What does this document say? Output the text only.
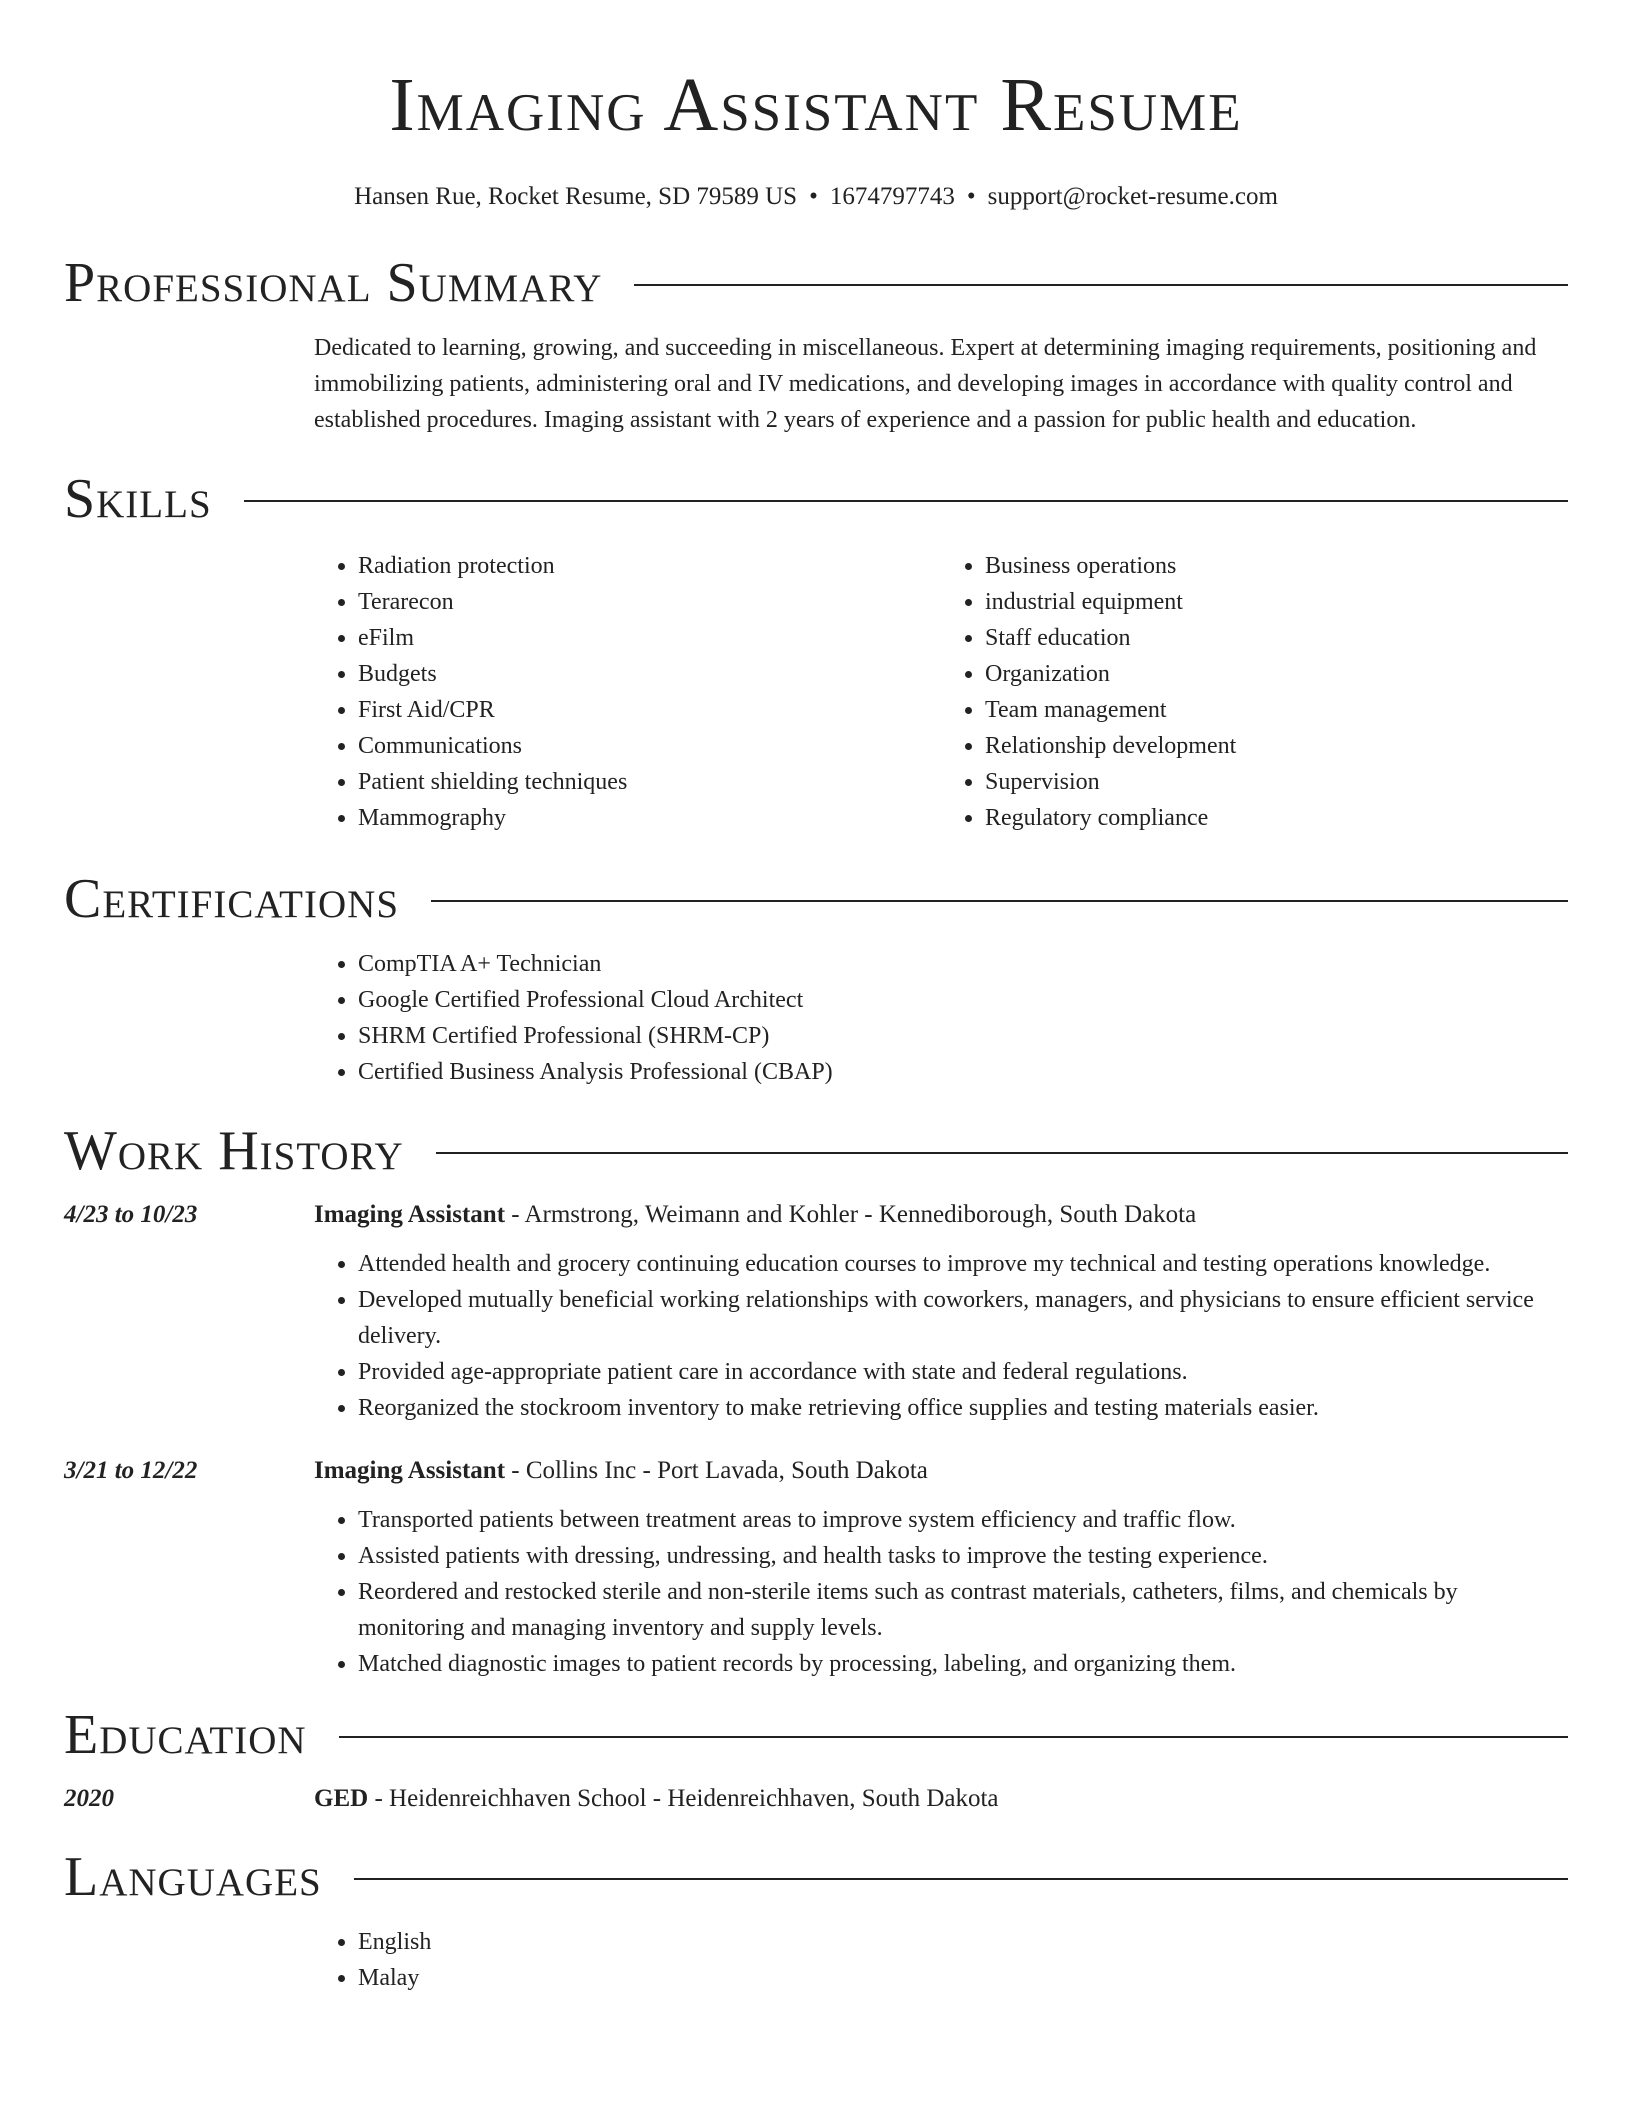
Imaging Assistant Resume
Hansen Rue, Rocket Resume, SD 79589 US • 1674797743 • support@rocket-resume.com
Professional Summary
Dedicated to learning, growing, and succeeding in miscellaneous. Expert at determining imaging requirements, positioning and immobilizing patients, administering oral and IV medications, and developing images in accordance with quality control and established procedures. Imaging assistant with 2 years of experience and a passion for public health and education.
Skills
• Radiation protection
• Terarecon
• eFilm
• Budgets
• First Aid/CPR
• Communications
• Patient shielding techniques
• Mammography
• Business operations
• industrial equipment
• Staff education
• Organization
• Team management
• Relationship development
• Supervision
• Regulatory compliance
Certifications
• CompTIA A+ Technician
• Google Certified Professional Cloud Architect
• SHRM Certified Professional (SHRM-CP)
• Certified Business Analysis Professional (CBAP)
Work History
4/23 to 10/23	Imaging Assistant - Armstrong, Weimann and Kohler - Kennediborough, South Dakota
• Attended health and grocery continuing education courses to improve my technical and testing operations knowledge.
• Developed mutually beneficial working relationships with coworkers, managers, and physicians to ensure efficient service delivery.
• Provided age-appropriate patient care in accordance with state and federal regulations.
• Reorganized the stockroom inventory to make retrieving office supplies and testing materials easier.
3/21 to 12/22	Imaging Assistant - Collins Inc - Port Lavada, South Dakota
• Transported patients between treatment areas to improve system efficiency and traffic flow.
• Assisted patients with dressing, undressing, and health tasks to improve the testing experience.
• Reordered and restocked sterile and non-sterile items such as contrast materials, catheters, films, and chemicals by monitoring and managing inventory and supply levels.
• Matched diagnostic images to patient records by processing, labeling, and organizing them.
Education
2020	GED - Heidenreichhaven School - Heidenreichhaven, South Dakota
Languages
• English
• Malay
